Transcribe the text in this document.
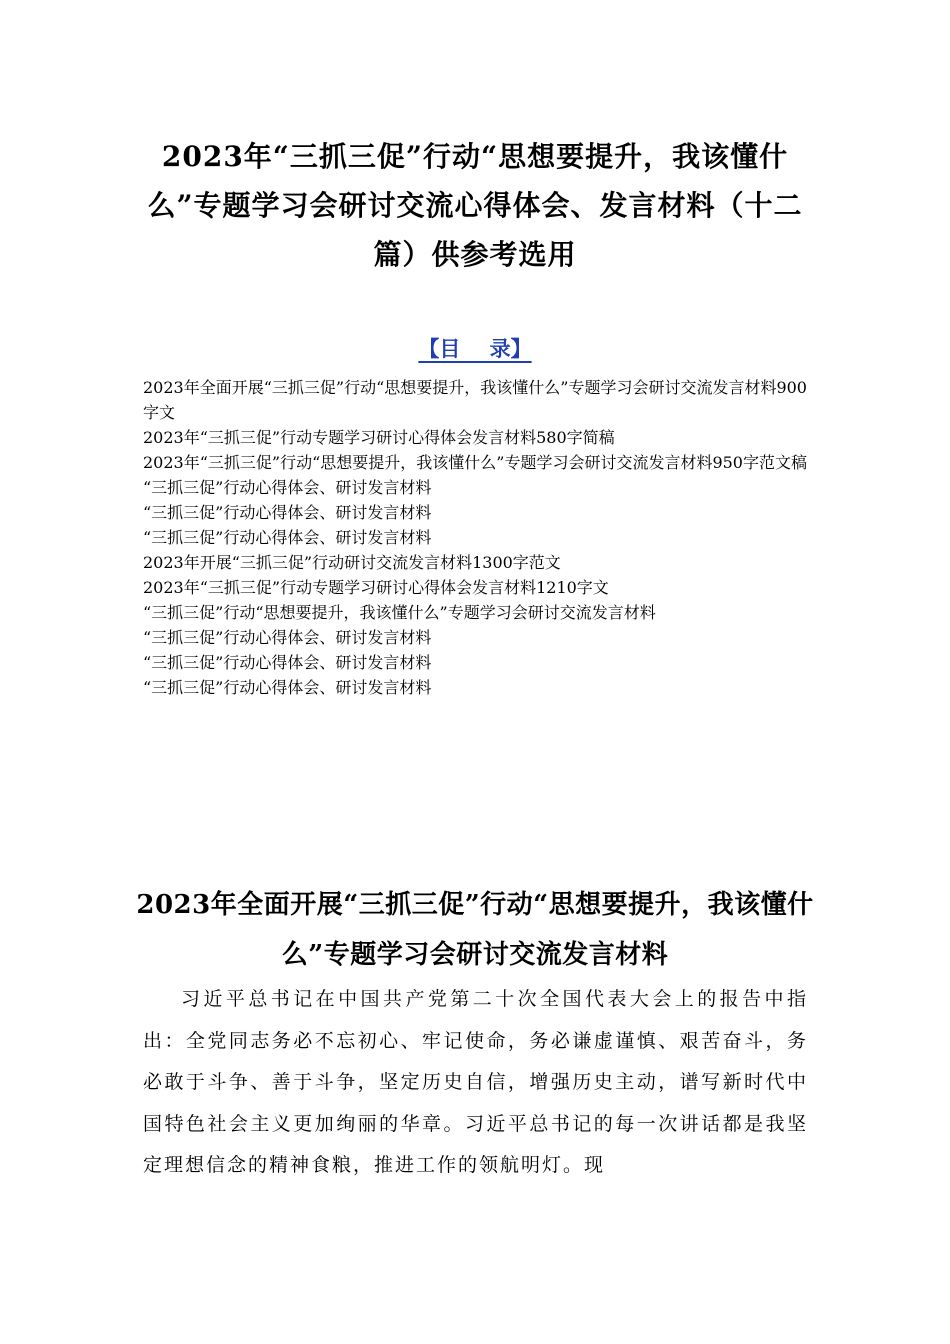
2023年“三抓三促”行动“思想要提升，我该懂什么”专题学习会研讨交流心得体会、发言材料（十二篇）供参考选用
【目    录】
2023年全面开展“三抓三促”行动“思想要提升，我该懂什么”专题学习会研讨交流发言材料900字文
2023年“三抓三促”行动专题学习研讨心得体会发言材料580字简稿
2023年“三抓三促”行动“思想要提升，我该懂什么”专题学习会研讨交流发言材料950字范文稿
“三抓三促”行动心得体会、研讨发言材料
“三抓三促”行动心得体会、研讨发言材料
“三抓三促”行动心得体会、研讨发言材料
2023年开展“三抓三促”行动研讨交流发言材料1300字范文
2023年“三抓三促”行动专题学习研讨心得体会发言材料1210字文
“三抓三促”行动“思想要提升，我该懂什么”专题学习会研讨交流发言材料
“三抓三促”行动心得体会、研讨发言材料
“三抓三促”行动心得体会、研讨发言材料
“三抓三促”行动心得体会、研讨发言材料
2023年全面开展“三抓三促”行动“思想要提升，我该懂什么”专题学习会研讨交流发言材料

习近平总书记在中国共产党第二十次全国代表大会上的报告中指出：全党同志务必不忘初心、牢记使命，务必谦虚谨慎、艰苦奋斗，务必敢于斗争、善于斗争，坚定历史自信，增强历史主动，谱写新时代中国特色社会主义更加绚丽的华章。习近平总书记的每一次讲话都是我坚定理想信念的精神食粮，推进工作的领航明灯。现
